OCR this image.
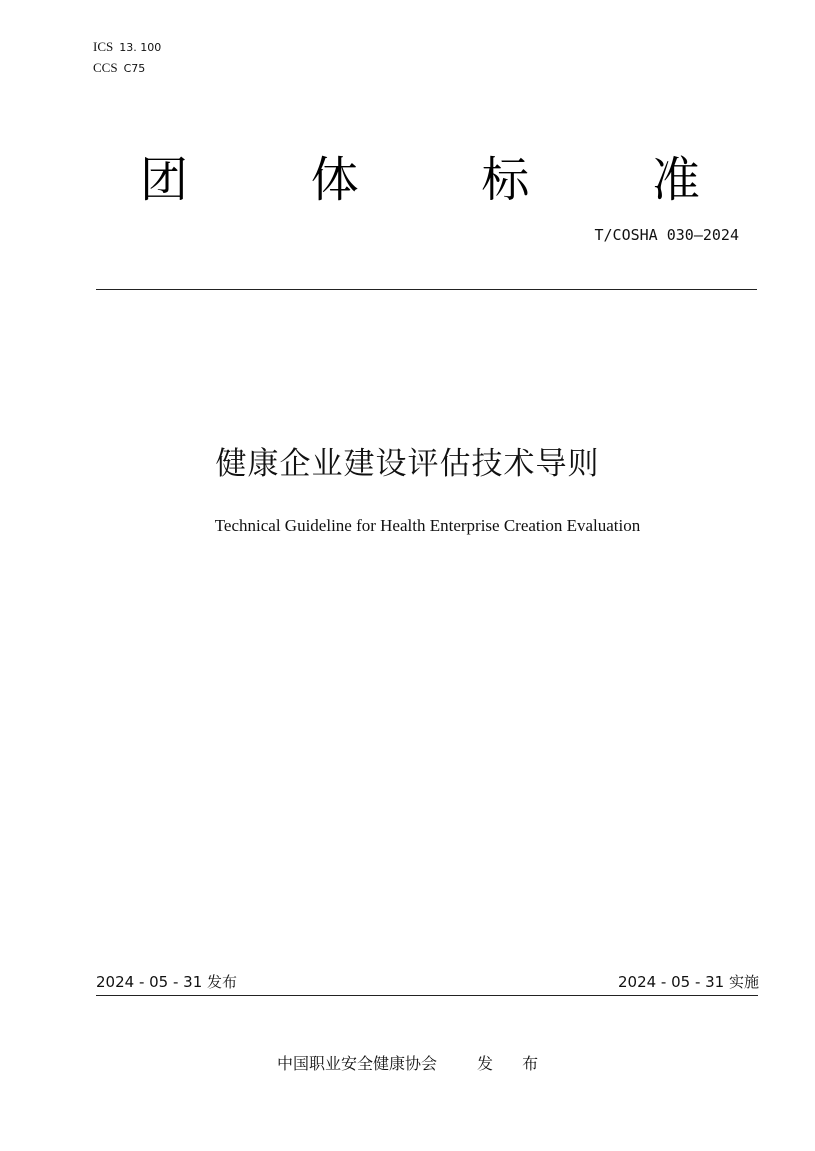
ICS 13. 100
CCS C75
团	体	标	准
T/COSHA 030—2024
健康企业建设评估技术导则
Technical Guideline for Health Enterprise Creation Evaluation
2024 - 05 - 31 发布	2024 - 05 - 31 实施
中国职业安全健康协会	发 布
